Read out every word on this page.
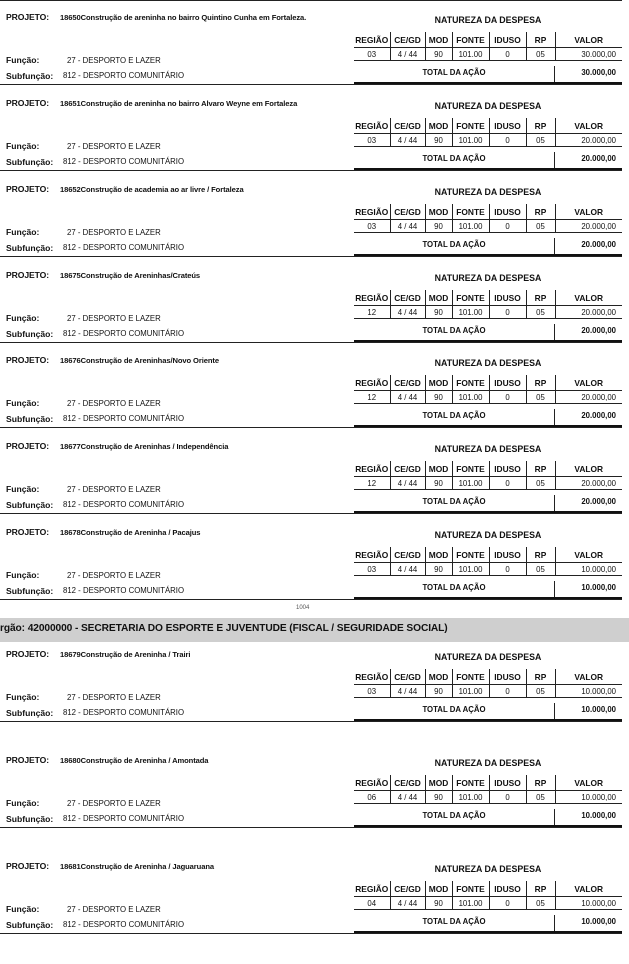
1004
rgão: 42000000 - SECRETARIA DO ESPORTE E JUVENTUDE (FISCAL / SEGURIDADE SOCIAL)
PROJETO: 18650Construção de areninha no bairro Quintino Cunha em Fortaleza.	NATUREZA DA DESPESA
REGIÃO	CE/GD	MOD	FONTE	IDUSO	RP	VALOR
03	4 / 44	90	101.00	0	05	30.000,00
TOTAL DA AÇÃO	30.000,00
Função:	27 - DESPORTO E LAZER
Subfunção: 812 - DESPORTO COMUNITÁRIO
PROJETO: 18651Construção de areninha no bairro Alvaro Weyne em Fortaleza	NATUREZA DA DESPESA
REGIÃO	CE/GD	MOD	FONTE	IDUSO	RP	VALOR
03	4 / 44	90	101.00	0	05	20.000,00
TOTAL DA AÇÃO	20.000,00
Função:	27 - DESPORTO E LAZER
Subfunção: 812 - DESPORTO COMUNITÁRIO
PROJETO: 18652Construção de academia ao ar livre / Fortaleza	NATUREZA DA DESPESA
REGIÃO	CE/GD	MOD	FONTE	IDUSO	RP	VALOR
03	4 / 44	90	101.00	0	05	20.000,00
TOTAL DA AÇÃO	20.000,00
Função:	27 - DESPORTO E LAZER
Subfunção: 812 - DESPORTO COMUNITÁRIO
PROJETO: 18675Construção de Areninhas/Crateús	NATUREZA DA DESPESA
REGIÃO	CE/GD	MOD	FONTE	IDUSO	RP	VALOR
12	4 / 44	90	101.00	0	05	20.000,00
TOTAL DA AÇÃO	20.000,00
Função:	27 - DESPORTO E LAZER
Subfunção: 812 - DESPORTO COMUNITÁRIO
PROJETO: 18676Construção de Areninhas/Novo Oriente	NATUREZA DA DESPESA
REGIÃO	CE/GD	MOD	FONTE	IDUSO	RP	VALOR
12	4 / 44	90	101.00	0	05	20.000,00
TOTAL DA AÇÃO	20.000,00
Função:	27 - DESPORTO E LAZER
Subfunção: 812 - DESPORTO COMUNITÁRIO
PROJETO: 18677Construção de Areninhas / Independência	NATUREZA DA DESPESA
REGIÃO	CE/GD	MOD	FONTE	IDUSO	RP	VALOR
12	4 / 44	90	101.00	0	05	20.000,00
TOTAL DA AÇÃO	20.000,00
Função:	27 - DESPORTO E LAZER
Subfunção: 812 - DESPORTO COMUNITÁRIO
PROJETO: 18678Construção de Areninha / Pacajus	NATUREZA DA DESPESA
REGIÃO	CE/GD	MOD	FONTE	IDUSO	RP	VALOR
03	4 / 44	90	101.00	0	05	10.000,00
TOTAL DA AÇÃO	10.000,00
Função:	27 - DESPORTO E LAZER
Subfunção: 812 - DESPORTO COMUNITÁRIO
PROJETO: 18679Construção de Areninha / Trairi	NATUREZA DA DESPESA
REGIÃO	CE/GD	MOD	FONTE	IDUSO	RP	VALOR
03	4 / 44	90	101.00	0	05	10.000,00
TOTAL DA AÇÃO	10.000,00
Função:	27 - DESPORTO E LAZER
Subfunção: 812 - DESPORTO COMUNITÁRIO
PROJETO: 18680Construção de Areninha / Amontada	NATUREZA DA DESPESA
REGIÃO	CE/GD	MOD	FONTE	IDUSO	RP	VALOR
06	4 / 44	90	101.00	0	05	10.000,00
TOTAL DA AÇÃO	10.000,00
Função:	27 - DESPORTO E LAZER
Subfunção: 812 - DESPORTO COMUNITÁRIO
PROJETO: 18681Construção de Areninha / Jaguaruana	NATUREZA DA DESPESA
REGIÃO	CE/GD	MOD	FONTE	IDUSO	RP	VALOR
04	4 / 44	90	101.00	0	05	10.000,00
TOTAL DA AÇÃO	10.000,00
Função:	27 - DESPORTO E LAZER
Subfunção: 812 - DESPORTO COMUNITÁRIO
